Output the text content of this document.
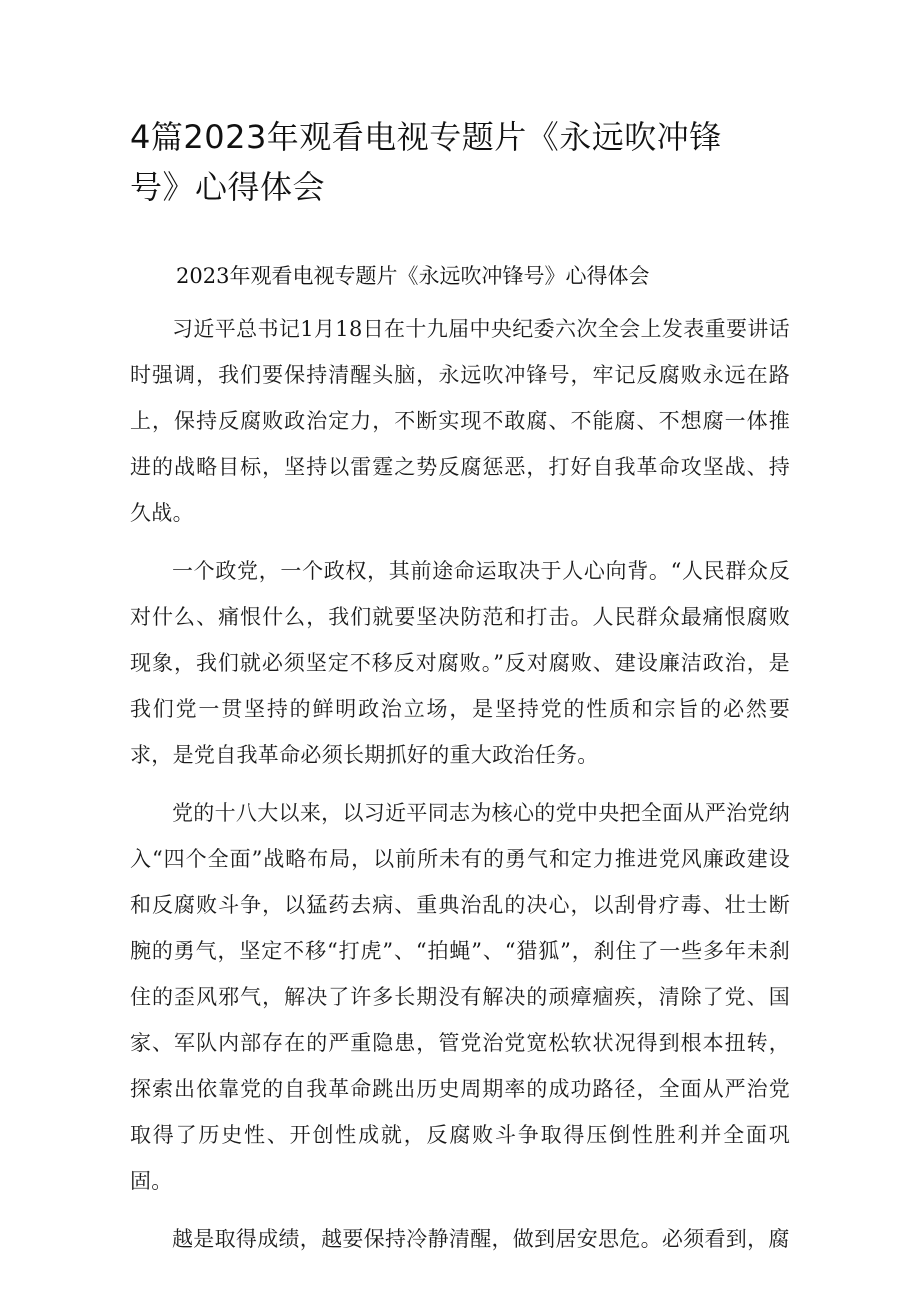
4篇2023年观看电视专题片《永远吹冲锋号》心得体会

2023年观看电视专题片《永远吹冲锋号》心得体会

习近平总书记1月18日在十九届中央纪委六次全会上发表重要讲话时强调，我们要保持清醒头脑，永远吹冲锋号，牢记反腐败永远在路上，保持反腐败政治定力，不断实现不敢腐、不能腐、不想腐一体推进的战略目标，坚持以雷霆之势反腐惩恶，打好自我革命攻坚战、持久战。

一个政党，一个政权，其前途命运取决于人心向背。“人民群众反对什么、痛恨什么，我们就要坚决防范和打击。人民群众最痛恨腐败现象，我们就必须坚定不移反对腐败。”反对腐败、建设廉洁政治，是我们党一贯坚持的鲜明政治立场，是坚持党的性质和宗旨的必然要求，是党自我革命必须长期抓好的重大政治任务。

党的十八大以来，以习近平同志为核心的党中央把全面从严治党纳入“四个全面”战略布局，以前所未有的勇气和定力推进党风廉政建设和反腐败斗争，以猛药去病、重典治乱的决心，以刮骨疗毒、壮士断腕的勇气，坚定不移“打虎”、“拍蝇”、“猎狐”，刹住了一些多年未刹住的歪风邪气，解决了许多长期没有解决的顽瘴痼疾，清除了党、国家、军队内部存在的严重隐患，管党治党宽松软状况得到根本扭转，探索出依靠党的自我革命跳出历史周期率的成功路径，全面从严治党取得了历史性、开创性成就，反腐败斗争取得压倒性胜利并全面巩固。

越是取得成绩，越要保持冷静清醒，做到居安思危。必须看到，腐
